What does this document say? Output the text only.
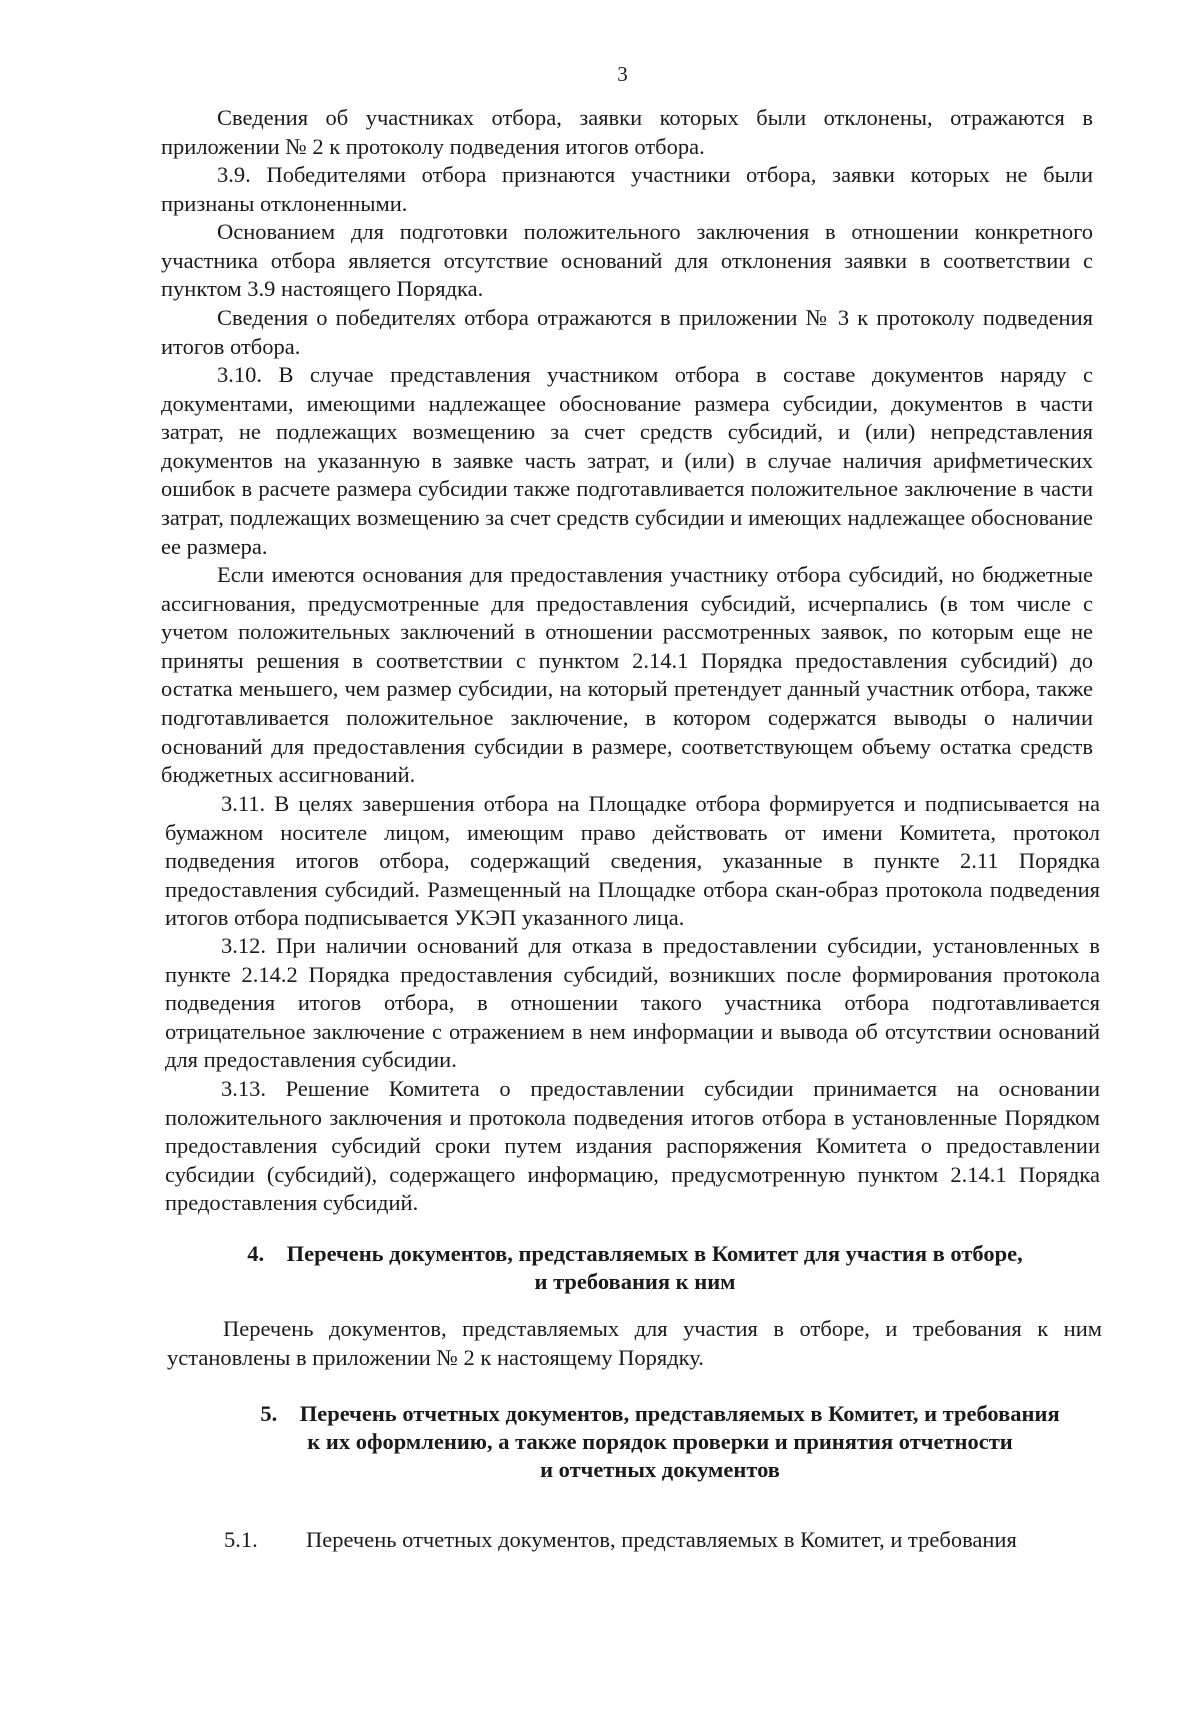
3

Сведения об участниках отбора, заявки которых были отклонены, отражаются в приложении № 2 к протоколу подведения итогов отбора.

3.9. Победителями отбора признаются участники отбора, заявки которых не были признаны отклоненными.

Основанием для подготовки положительного заключения в отношении конкретного участника отбора является отсутствие оснований для отклонения заявки в соответствии с пунктом 3.9 настоящего Порядка.

Сведения о победителях отбора отражаются в приложении № 3 к протоколу подведения итогов отбора.

3.10. В случае представления участником отбора в составе документов наряду с документами, имеющими надлежащее обоснование размера субсидии, документов в части затрат, не подлежащих возмещению за счет средств субсидий, и (или) непредставления документов на указанную в заявке часть затрат, и (или) в случае наличия арифметических ошибок в расчете размера субсидии также подготавливается положительное заключение в части затрат, подлежащих возмещению за счет средств субсидии и имеющих надлежащее обоснование ее размера.

Если имеются основания для предоставления участнику отбора субсидий, но бюджетные ассигнования, предусмотренные для предоставления субсидий, исчерпались (в том числе с учетом положительных заключений в отношении рассмотренных заявок, по которым еще не приняты решения в соответствии с пунктом 2.14.1 Порядка предоставления субсидий) до остатка меньшего, чем размер субсидии, на который претендует данный участник отбора, также подготавливается положительное заключение, в котором содержатся выводы о наличии оснований для предоставления субсидии в размере, соответствующем объему остатка средств бюджетных ассигнований.

3.11. В целях завершения отбора на Площадке отбора формируется и подписывается на бумажном носителе лицом, имеющим право действовать от имени Комитета, протокол подведения итогов отбора, содержащий сведения, указанные в пункте 2.11 Порядка предоставления субсидий. Размещенный на Площадке отбора скан-образ протокола подведения итогов отбора подписывается УКЭП указанного лица.

3.12. При наличии оснований для отказа в предоставлении субсидии, установленных в пункте 2.14.2 Порядка предоставления субсидий, возникших после формирования протокола подведения итогов отбора, в отношении такого участника отбора подготавливается отрицательное заключение с отражением в нем информации и вывода об отсутствии оснований для предоставления субсидии.

3.13. Решение Комитета о предоставлении субсидии принимается на основании положительного заключения и протокола подведения итогов отбора в установленные Порядком предоставления субсидий сроки путем издания распоряжения Комитета о предоставлении субсидии (субсидий), содержащего информацию, предусмотренную пунктом 2.14.1 Порядка предоставления субсидий.

4. Перечень документов, представляемых в Комитет для участия в отборе,
и требования к ним

Перечень документов, представляемых для участия в отборе, и требования к ним установлены в приложении № 2 к настоящему Порядку.

5. Перечень отчетных документов, представляемых в Комитет, и требования
к их оформлению, а также порядок проверки и принятия отчетности
и отчетных документов
5.1. Перечень отчетных документов, представляемых в Комитет, и требования
